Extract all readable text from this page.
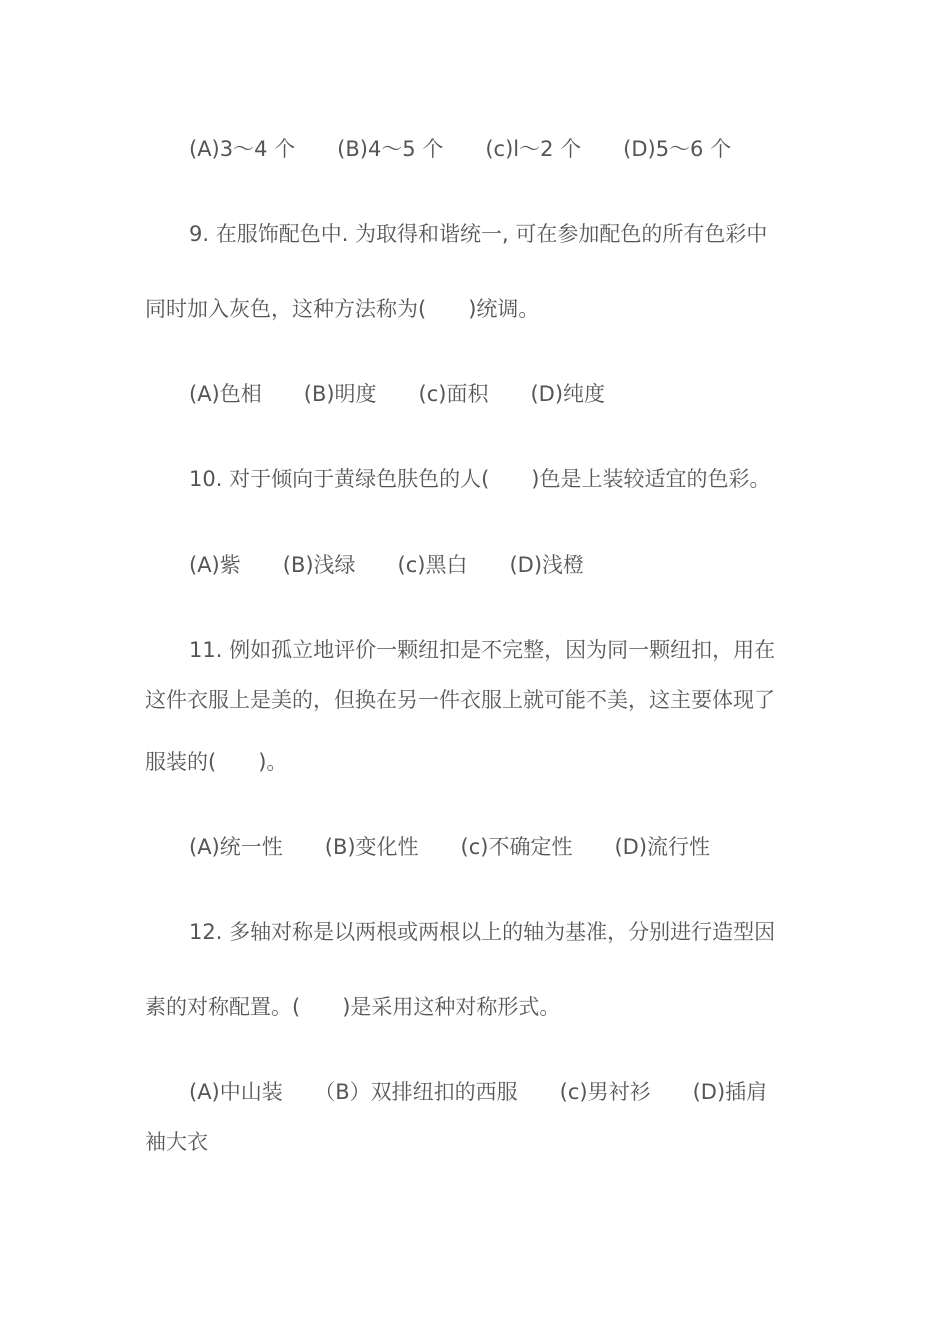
(A)3～4 个　　(B)4～5 个　　(c)l～2 个　　(D)5～6 个

9. 在服饰配色中. 为取得和谐统一, 可在参加配色的所有色彩中

同时加入灰色，这种方法称为(　　)统调。

(A)色相　　(B)明度　　(c)面积　　(D)纯度

10. 对于倾向于黄绿色肤色的人(　　)色是上装较适宜的色彩。

(A)紫　　(B)浅绿　　(c)黑白　　(D)浅橙

11. 例如孤立地评价一颗纽扣是不完整，因为同一颗纽扣，用在

这件衣服上是美的，但换在另一件衣服上就可能不美，这主要体现了

服装的(　　)。

(A)统一性　　(B)变化性　　(c)不确定性　　(D)流行性

12. 多轴对称是以两根或两根以上的轴为基准，分别进行造型因

素的对称配置。(　　)是采用这种对称形式。

(A)中山装　　（B）双排纽扣的西服　　(c)男衬衫　　(D)插肩

袖大衣
